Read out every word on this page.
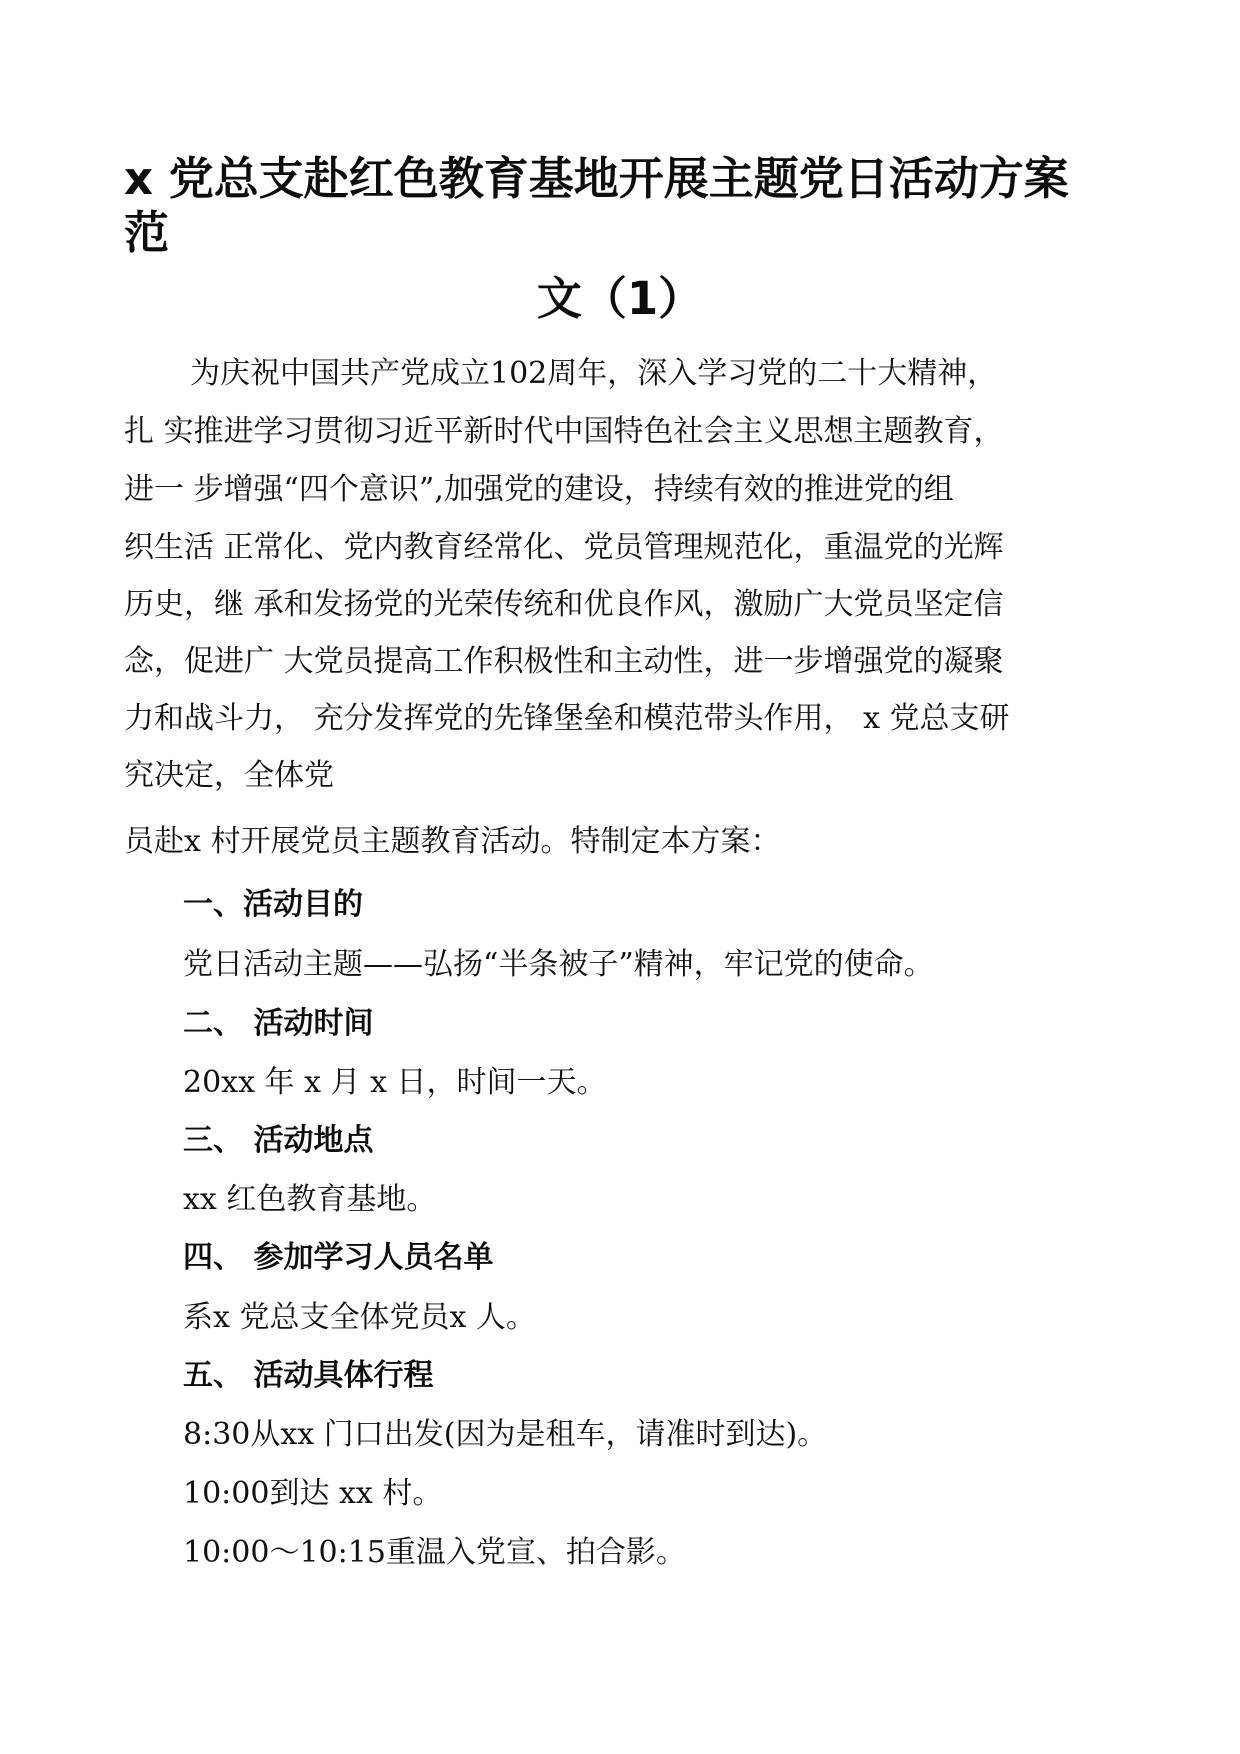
x 党总支赴红色教育基地开展主题党日活动方案
范
文（1）
为庆祝中国共产党成立102周年，深入学习党的二十大精神，
扎 实推进学习贯彻习近平新时代中国特色社会主义思想主题教育，
进一 步增强“四个意识”,加强党的建设，持续有效的推进党的组
织生活 正常化、党内教育经常化、党员管理规范化，重温党的光辉
历史，继 承和发扬党的光荣传统和优良作风，激励广大党员坚定信
念，促进广 大党员提高工作积极性和主动性，进一步增强党的凝聚
力和战斗力， 充分发挥党的先锋堡垒和模范带头作用， x 党总支研
究决定，全体党
员赴x 村开展党员主题教育活动。特制定本方案：
一、活动目的
党日活动主题——弘扬“半条被子”精神，牢记党的使命。
二、 活动时间
20xx 年 x 月 x 日，时间一天。
三、 活动地点
xx 红色教育基地。
四、 参加学习人员名单
系x 党总支全体党员x 人。
五、 活动具体行程
8:30从xx 门口出发(因为是租车，请准时到达)。
10:00到达 xx 村。
10:00～10:15重温入党宣、拍合影。
